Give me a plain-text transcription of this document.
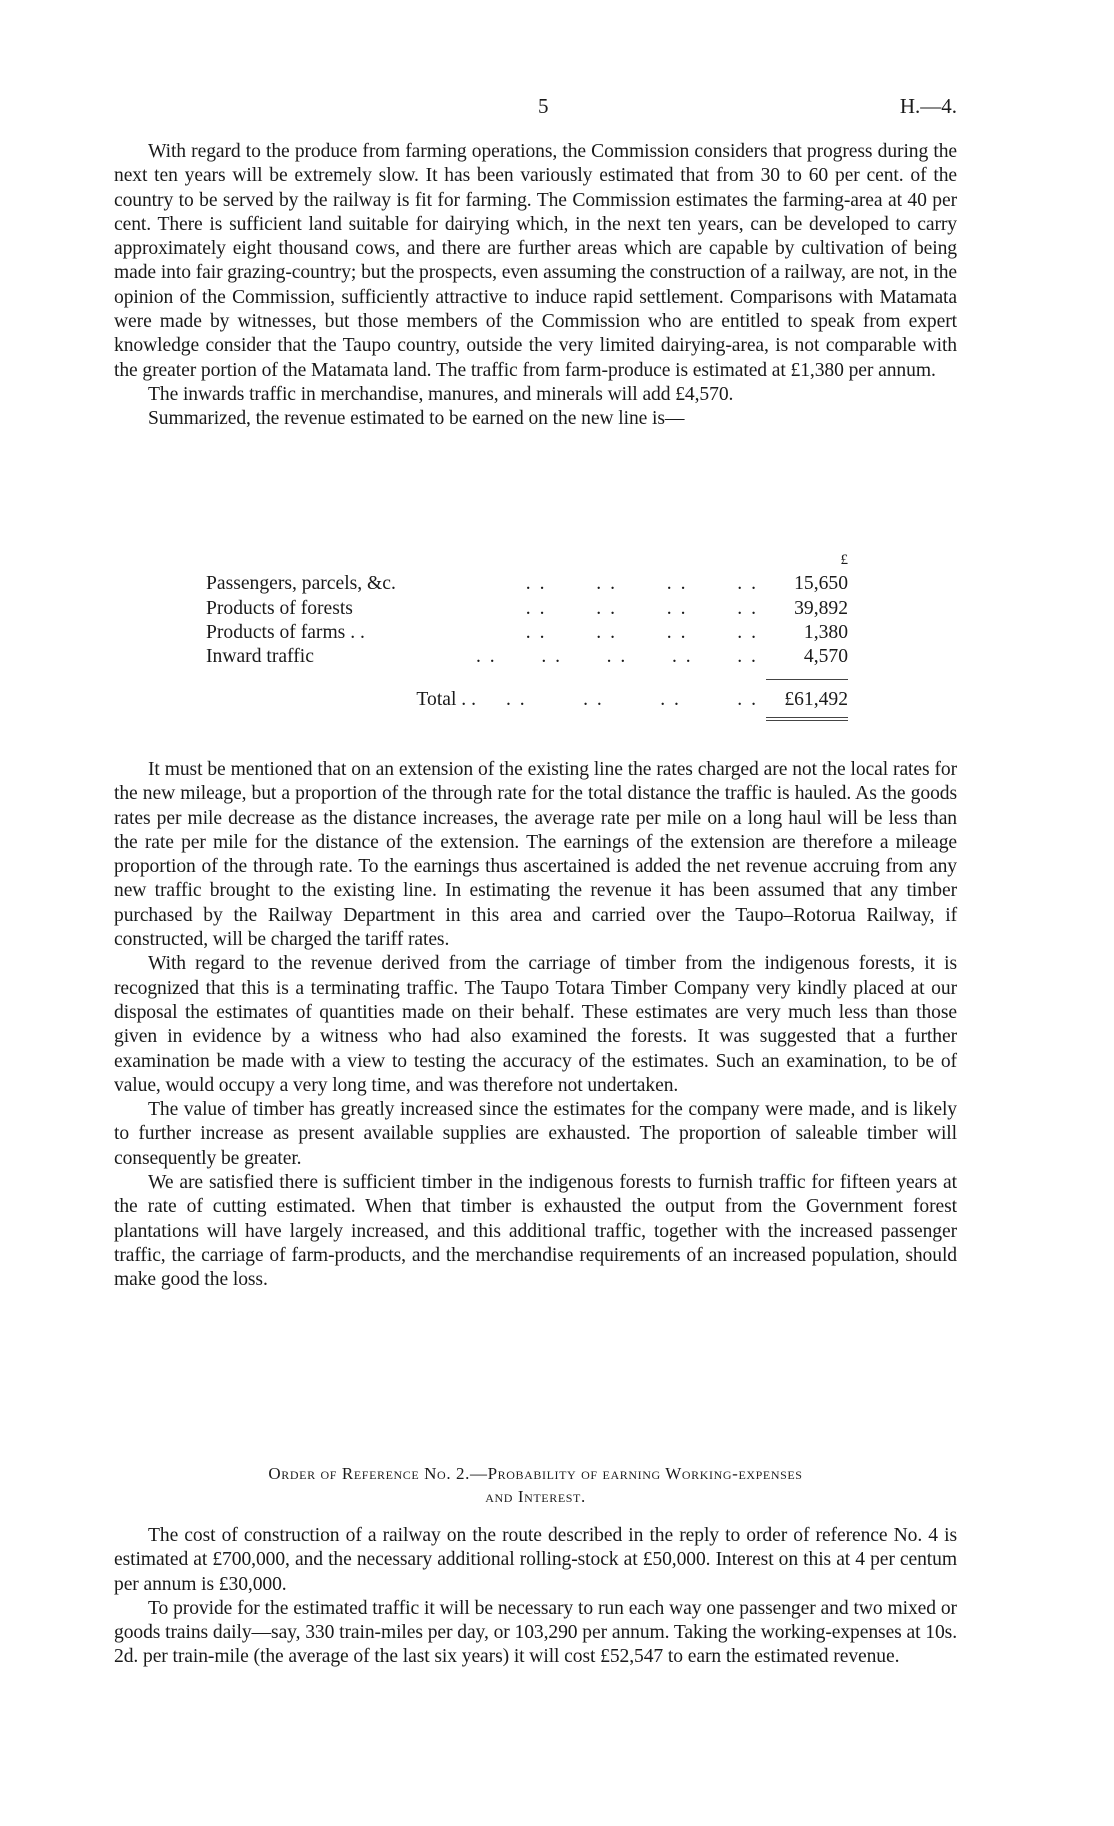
5	H.—4.

With regard to the produce from farming operations, the Commission considers that progress during the next ten years will be extremely slow. It has been variously estimated that from 30 to 60 per cent. of the country to be served by the railway is fit for farming. The Commission estimates the farming-area at 40 per cent. There is sufficient land suitable for dairying which, in the next ten years, can be developed to carry approximately eight thousand cows, and there are further areas which are capable by cultivation of being made into fair grazing-country; but the prospects, even assuming the construction of a railway, are not, in the opinion of the Commission, sufficiently attractive to induce rapid settlement. Comparisons with Matamata were made by witnesses, but those members of the Commission who are entitled to speak from expert knowledge consider that the Taupo country, outside the very limited dairying-area, is not comparable with the greater portion of the Matamata land. The traffic from farm-produce is estimated at £1,380 per annum.

The inwards traffic in merchandise, manures, and minerals will add £4,570.

Summarized, the revenue estimated to be earned on the new line is—

£
Passengers, parcels, &c.	. .	. .	. .	. .	15,650
Products of forests	. .	. .	. .	. .	39,892
Products of farms . .	. .	. .	. .	. .	1,380
Inward traffic	. . . . . . . . . .	4,570
Total . . . .	. .	. .	. .	£61,492

It must be mentioned that on an extension of the existing line the rates charged are not the local rates for the new mileage, but a proportion of the through rate for the total distance the traffic is hauled. As the goods rates per mile decrease as the distance increases, the average rate per mile on a long haul will be less than the rate per mile for the distance of the extension. The earnings of the extension are therefore a mileage proportion of the through rate. To the earnings thus ascertained is added the net revenue accruing from any new traffic brought to the existing line. In estimating the revenue it has been assumed that any timber purchased by the Railway Department in this area and carried over the Taupo–Rotorua Railway, if constructed, will be charged the tariff rates.

With regard to the revenue derived from the carriage of timber from the indigenous forests, it is recognized that this is a terminating traffic. The Taupo Totara Timber Company very kindly placed at our disposal the estimates of quantities made on their behalf. These estimates are very much less than those given in evidence by a witness who had also examined the forests. It was suggested that a further examination be made with a view to testing the accuracy of the estimates. Such an examination, to be of value, would occupy a very long time, and was therefore not undertaken.

The value of timber has greatly increased since the estimates for the company were made, and is likely to further increase as present available supplies are exhausted. The proportion of saleable timber will consequently be greater.

We are satisfied there is sufficient timber in the indigenous forests to furnish traffic for fifteen years at the rate of cutting estimated. When that timber is exhausted the output from the Government forest plantations will have largely increased, and this additional traffic, together with the increased passenger traffic, the carriage of farm-products, and the merchandise requirements of an increased population, should make good the loss.

Order of Reference No. 2.—Probability of earning Working-expenses
and Interest.

The cost of construction of a railway on the route described in the reply to order of reference No. 4 is estimated at £700,000, and the necessary additional rolling-stock at £50,000. Interest on this at 4 per centum per annum is £30,000.

To provide for the estimated traffic it will be necessary to run each way one passenger and two mixed or goods trains daily—say, 330 train-miles per day, or 103,290 per annum. Taking the working-expenses at 10s. 2d. per train-mile (the average of the last six years) it will cost £52,547 to earn the estimated revenue.
